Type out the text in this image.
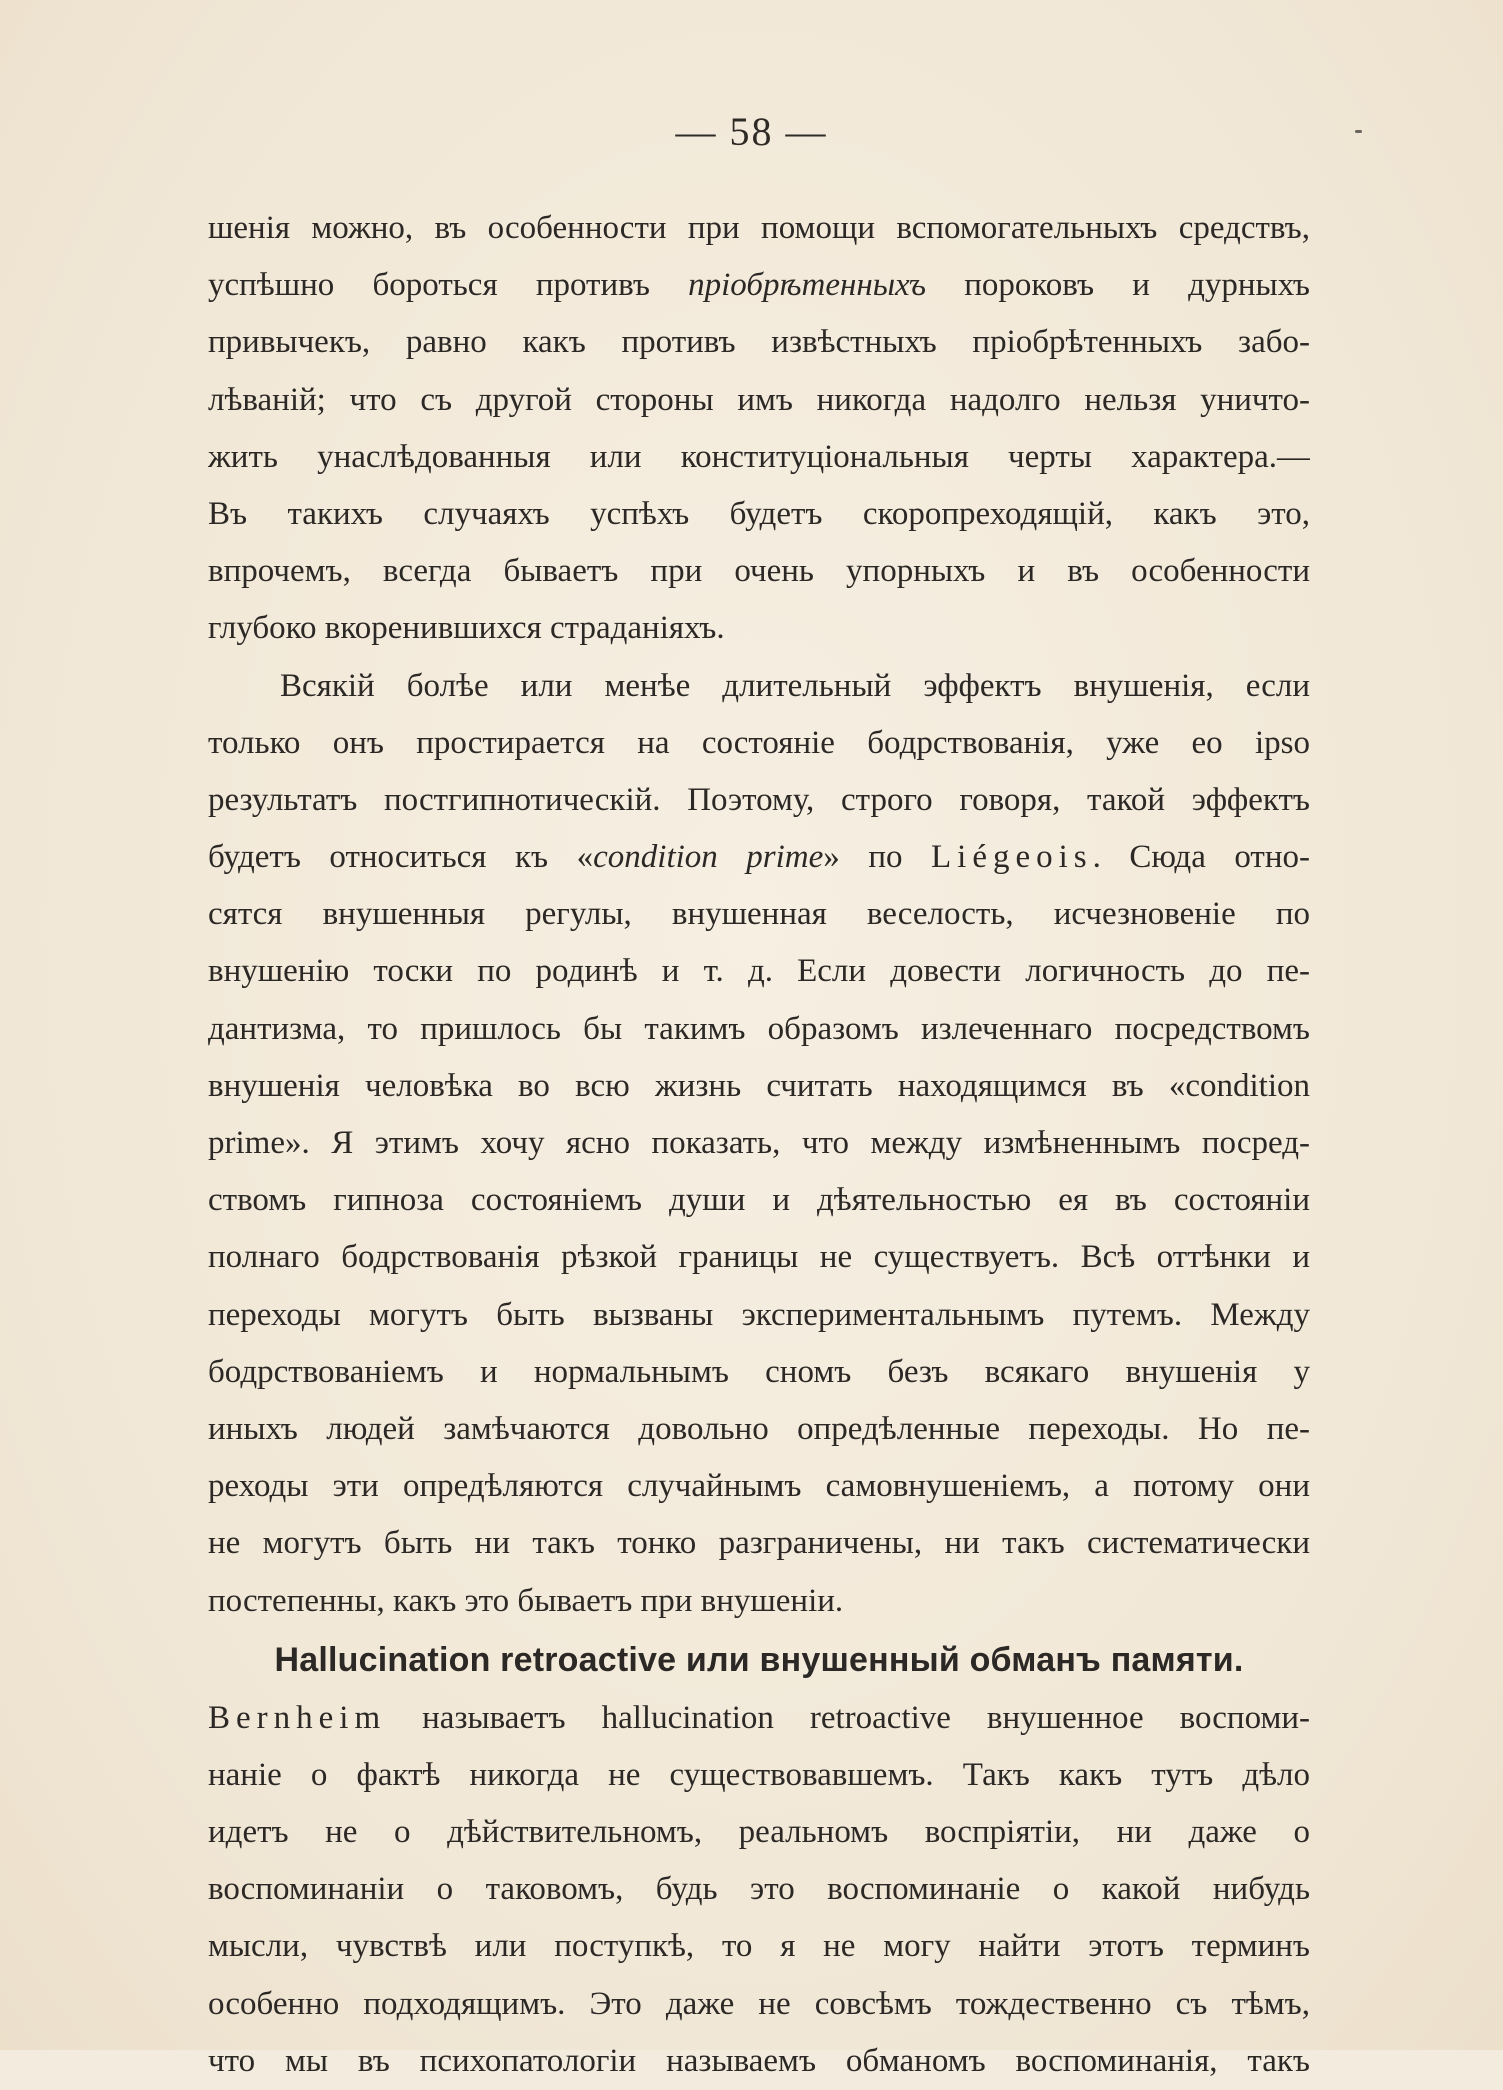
— 58 —
шенія можно, въ особенности при помощи вспомогательныхъ средствъ,
успѣшно бороться противъ пріобрѣтенныхъ пороковъ и дурныхъ
привычекъ, равно какъ противъ извѣстныхъ пріобрѣтенныхъ забо-
лѣваній; что съ другой стороны имъ никогда надолго нельзя уничто-
жить унаслѣдованныя или конституціональныя черты характера.—
Въ такихъ случаяхъ успѣхъ будетъ скоропреходящій, какъ это,
впрочемъ, всегда бываетъ при очень упорныхъ и въ особенности
глубоко вкоренившихся страданіяхъ.
Всякій болѣе или менѣе длительный эффектъ внушенія, если
только онъ простирается на состояніе бодрствованія, уже eo ipso
результатъ постгипнотическій. Поэтому, строго говоря, такой эффектъ
будетъ относиться къ «condition prime» по Liégeois. Сюда отно-
сятся внушенныя регулы, внушенная веселость, исчезновеніе по
внушенію тоски по родинѣ и т. д. Если довести логичность до пе-
дантизма, то пришлось бы такимъ образомъ излеченнаго посредствомъ
внушенія человѣка во всю жизнь считать находящимся въ «condition
prime». Я этимъ хочу ясно показать, что между измѣненнымъ посред-
ствомъ гипноза состояніемъ души и дѣятельностью ея въ состояніи
полнаго бодрствованія рѣзкой границы не существуетъ. Всѣ оттѣнки и
переходы могутъ быть вызваны экспериментальнымъ путемъ. Между
бодрствованіемъ и нормальнымъ сномъ безъ всякаго внушенія у
иныхъ людей замѣчаются довольно опредѣленные переходы. Но пе-
реходы эти опредѣляются случайнымъ самовнушеніемъ, а потому они
не могутъ быть ни такъ тонко разграничены, ни такъ систематически
постепенны, какъ это бываетъ при внушеніи.
Hallucination retroactive или внушенный обманъ памяти.
Bernheim называетъ hallucination retroactive внушенное воспоми-
наніе о фактѣ никогда не существовавшемъ. Такъ какъ тутъ дѣло
идетъ не о дѣйствительномъ, реальномъ воспріятіи, ни даже о
воспоминаніи о таковомъ, будь это воспоминаніе о какой нибудь
мысли, чувствѣ или поступкѣ, то я не могу найти этотъ терминъ
особенно подходящимъ. Это даже не совсѣмъ тождественно съ тѣмъ,
что мы въ психопатологіи называемъ обманомъ воспоминанія, такъ
